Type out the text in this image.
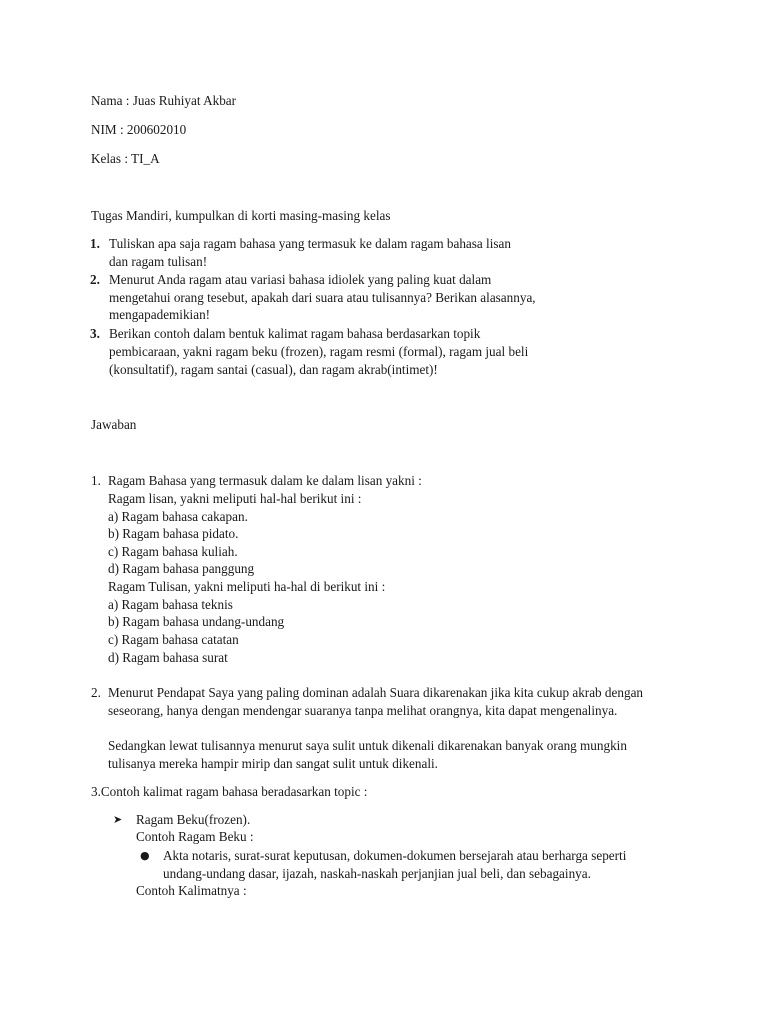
Nama : Juas Ruhiyat Akbar
NIM : 200602010
Kelas : TI_A
Tugas Mandiri, kumpulkan di korti masing-masing kelas
1. Tuliskan apa saja ragam bahasa yang termasuk ke dalam ragam bahasa lisan
dan ragam tulisan!
2. Menurut Anda ragam atau variasi bahasa idiolek yang paling kuat dalam
mengetahui orang tesebut, apakah dari suara atau tulisannya? Berikan alasannya,
mengapademikian!
3. Berikan contoh dalam bentuk kalimat ragam bahasa berdasarkan topik
pembicaraan, yakni ragam beku (frozen), ragam resmi (formal), ragam jual beli
(konsultatif), ragam santai (casual), dan ragam akrab(intimet)!
Jawaban
1. Ragam Bahasa yang termasuk dalam ke dalam lisan yakni :
Ragam lisan, yakni meliputi hal-hal berikut ini :
a) Ragam bahasa cakapan.
b) Ragam bahasa pidato.
c) Ragam bahasa kuliah.
d) Ragam bahasa panggung
Ragam Tulisan, yakni meliputi ha-hal di berikut ini :
a) Ragam bahasa teknis
b) Ragam bahasa undang-undang
c) Ragam bahasa catatan
d) Ragam bahasa surat
2. Menurut Pendapat Saya yang paling dominan adalah Suara dikarenakan jika kita cukup akrab dengan
seseorang, hanya dengan mendengar suaranya tanpa melihat orangnya, kita dapat mengenalinya.
Sedangkan lewat tulisannya menurut saya sulit untuk dikenali dikarenakan banyak orang mungkin
tulisanya mereka hampir mirip dan sangat sulit untuk dikenali.
3.Contoh kalimat ragam bahasa beradasarkan topic :
➤ Ragam Beku(frozen).
Contoh Ragam Beku :
● Akta notaris, surat-surat keputusan, dokumen-dokumen bersejarah atau berharga seperti
undang-undang dasar, ijazah, naskah-naskah perjanjian jual beli, dan sebagainya.
Contoh Kalimatnya :
